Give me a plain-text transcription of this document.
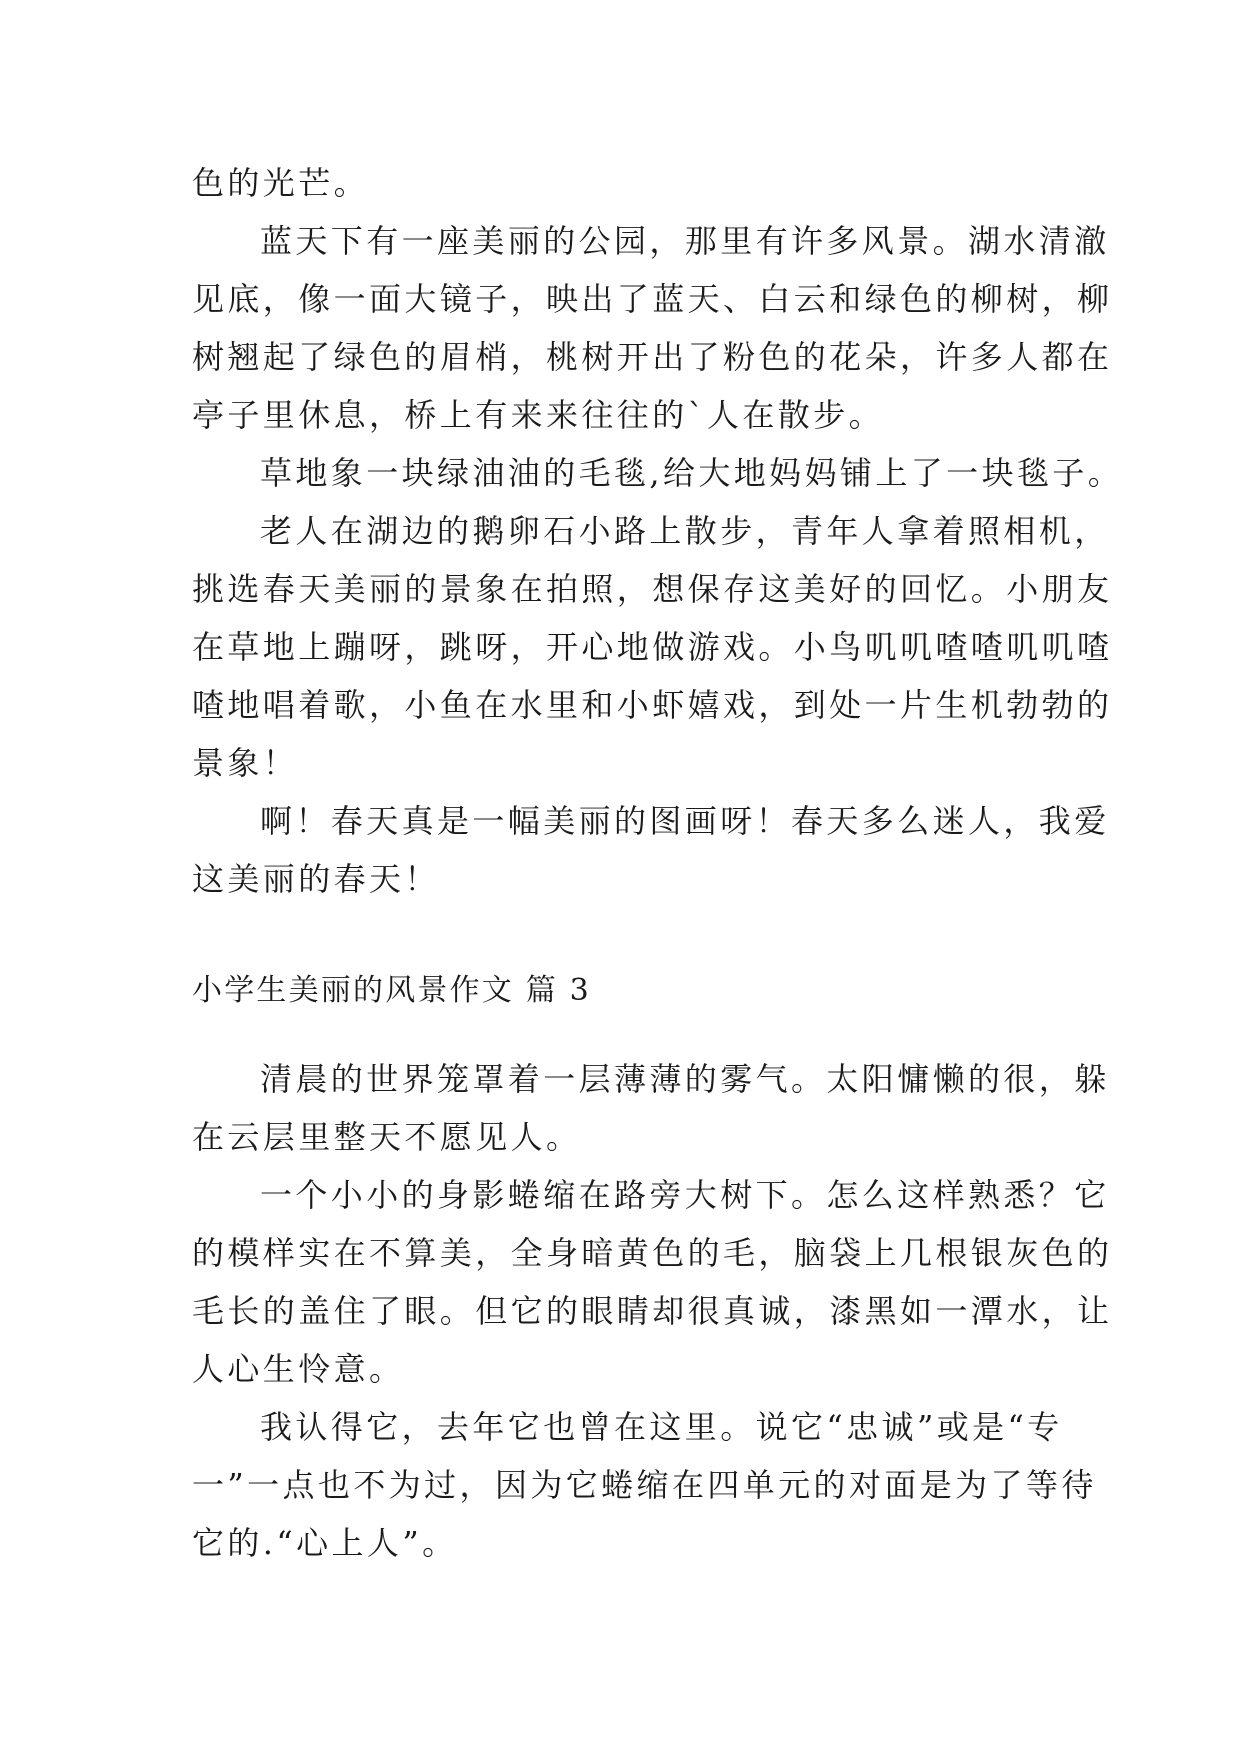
色的光芒。

蓝天下有一座美丽的公园，那里有许多风景。湖水清澈

见底，像一面大镜子，映出了蓝天、白云和绿色的柳树，柳

树翘起了绿色的眉梢，桃树开出了粉色的花朵，许多人都在

亭子里休息，桥上有来来往往的`人在散步。

草地象一块绿油油的毛毯,给大地妈妈铺上了一块毯子。

老人在湖边的鹅卵石小路上散步，青年人拿着照相机，

挑选春天美丽的景象在拍照，想保存这美好的回忆。小朋友

在草地上蹦呀，跳呀，开心地做游戏。小鸟叽叽喳喳叽叽喳

喳地唱着歌，小鱼在水里和小虾嬉戏，到处一片生机勃勃的

景象！

啊！春天真是一幅美丽的图画呀！春天多么迷人，我爱

这美丽的春天！

小学生美丽的风景作文 篇 3

清晨的世界笼罩着一层薄薄的雾气。太阳慵懒的很，躲

在云层里整天不愿见人。

一个小小的身影蜷缩在路旁大树下。怎么这样熟悉？它

的模样实在不算美，全身暗黄色的毛，脑袋上几根银灰色的

毛长的盖住了眼。但它的眼睛却很真诚，漆黑如一潭水，让

人心生怜意。

我认得它，去年它也曾在这里。说它“忠诚”或是“专

一”一点也不为过，因为它蜷缩在四单元的对面是为了等待

它的.“心上人”。
